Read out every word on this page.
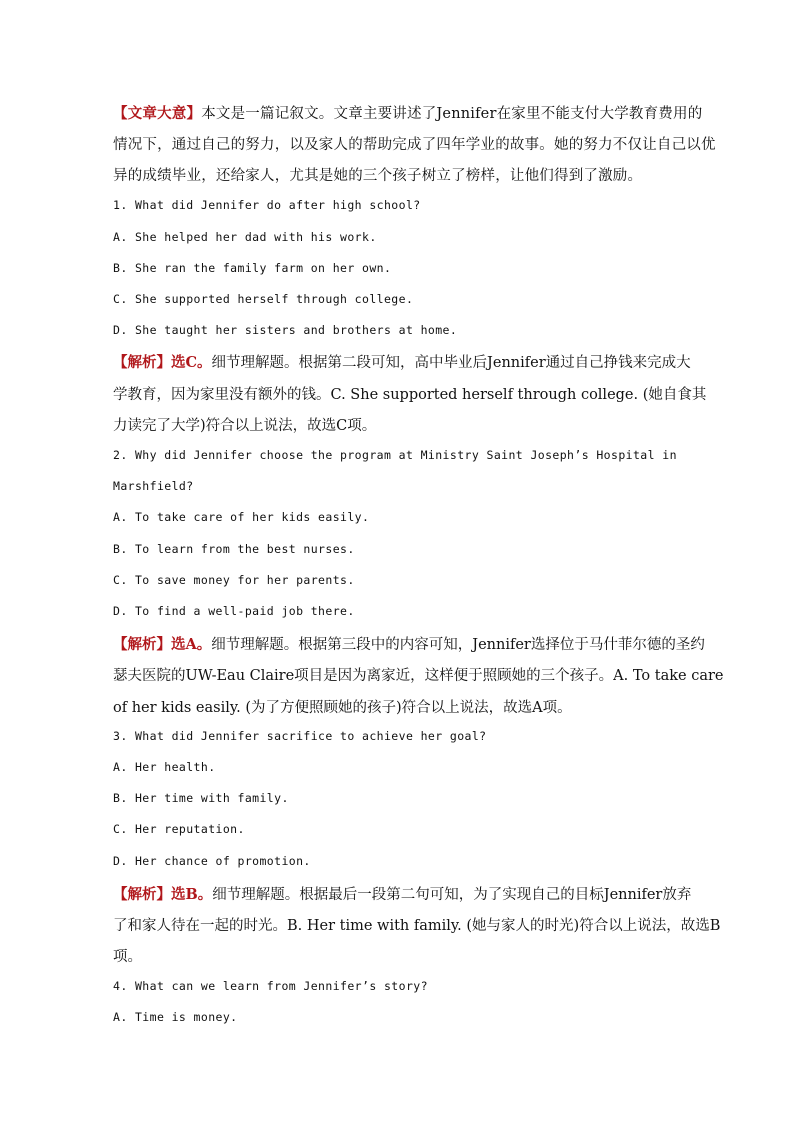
【文章大意】本文是一篇记叙文。文章主要讲述了Jennifer在家里不能支付大学教育费用的
情况下，通过自己的努力，以及家人的帮助完成了四年学业的故事。她的努力不仅让自己以优
异的成绩毕业，还给家人，尤其是她的三个孩子树立了榜样，让他们得到了激励。
1. What did Jennifer do after high school?
A. She helped her dad with his work.
B. She ran the family farm on her own.
C. She supported herself through college.
D. She taught her sisters and brothers at home.
【解析】选C。细节理解题。根据第二段可知，高中毕业后Jennifer通过自己挣钱来完成大
学教育，因为家里没有额外的钱。C. She supported herself through college. (她自食其
力读完了大学)符合以上说法，故选C项。
2. Why did Jennifer choose the program at Ministry Saint Joseph’s Hospital in
Marshfield?
A. To take care of her kids easily.
B. To learn from the best nurses.
C. To save money for her parents.
D. To find a well-paid job there.
【解析】选A。细节理解题。根据第三段中的内容可知，Jennifer选择位于马什菲尔德的圣约
瑟夫医院的UW-Eau Claire项目是因为离家近，这样便于照顾她的三个孩子。A. To take care
of her kids easily. (为了方便照顾她的孩子)符合以上说法，故选A项。
3. What did Jennifer sacrifice to achieve her goal?
A. Her health.
B. Her time with family.
C. Her reputation.
D. Her chance of promotion.
【解析】选B。细节理解题。根据最后一段第二句可知，为了实现自己的目标Jennifer放弃
了和家人待在一起的时光。B. Her time with family. (她与家人的时光)符合以上说法，故选B
项。
4. What can we learn from Jennifer’s story?
A. Time is money.
